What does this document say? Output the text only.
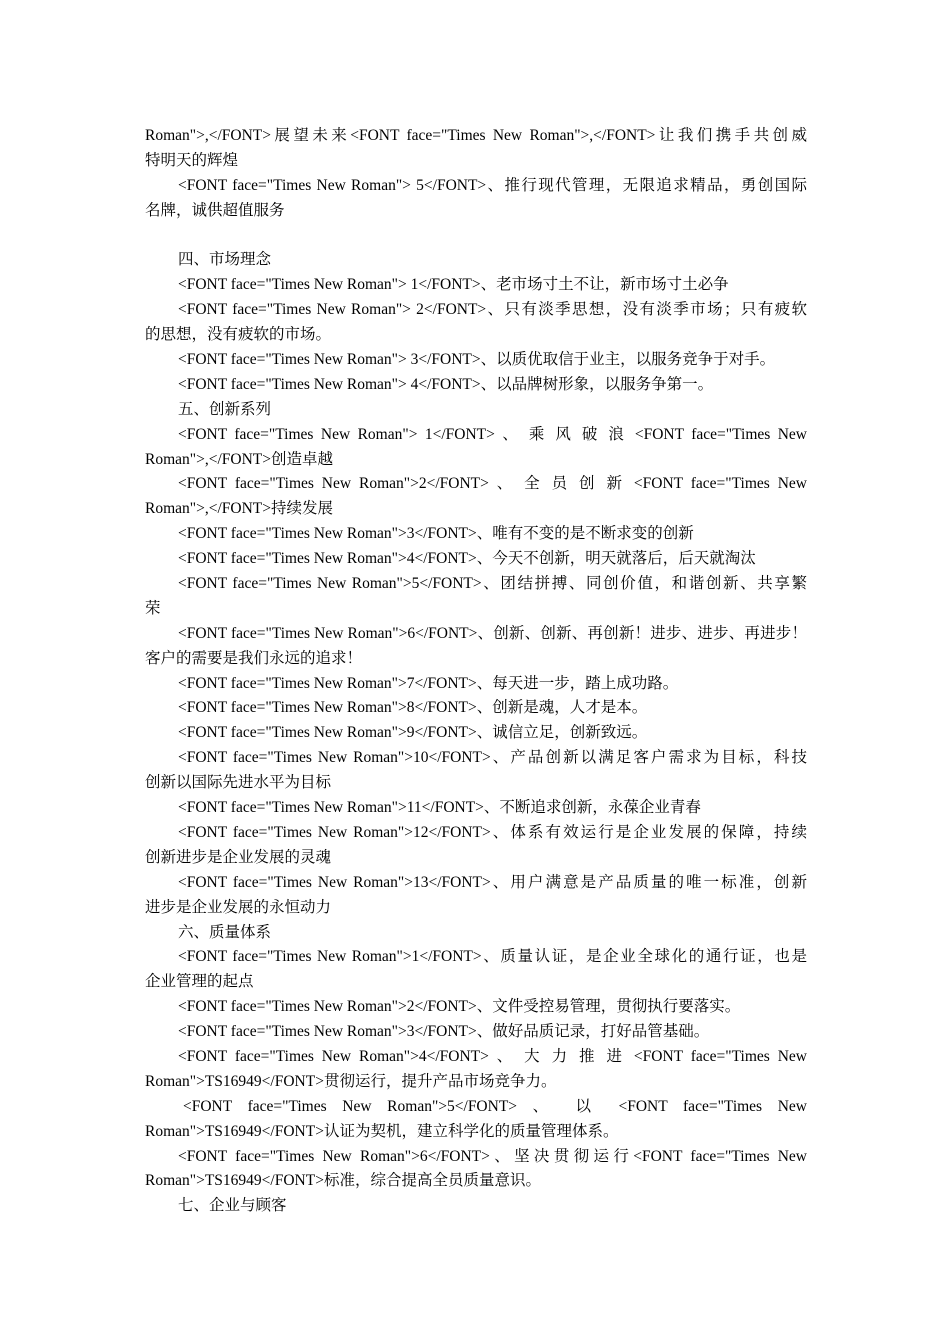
Roman">,</FONT>展望未来<FONT face="Times New Roman">,</FONT>让我们携手共创威
特明天的辉煌
<FONT face="Times New Roman"> 5</FONT>、推行现代管理，无限追求精品，勇创国际
名牌，诚供超值服务
四、市场理念
<FONT face="Times New Roman"> 1</FONT>、老市场寸土不让，新市场寸土必争
<FONT face="Times New Roman"> 2</FONT>、只有淡季思想，没有淡季市场；只有疲软
的思想，没有疲软的市场。
<FONT face="Times New Roman"> 3</FONT>、以质优取信于业主，以服务竞争于对手。
<FONT face="Times New Roman"> 4</FONT>、以品牌树形象，以服务争第一。
五、创新系列
<FONT face="Times New Roman"> 1</FONT> 、 乘 风 破 浪 <FONT face="Times New
Roman">,</FONT>创造卓越
<FONT face="Times New Roman">2</FONT> 、 全 员 创 新 <FONT face="Times New
Roman">,</FONT>持续发展
<FONT face="Times New Roman">3</FONT>、唯有不变的是不断求变的创新
<FONT face="Times New Roman">4</FONT>、今天不创新，明天就落后，后天就淘汰
<FONT face="Times New Roman">5</FONT>、团结拼搏、同创价值，和谐创新、共享繁
荣
<FONT face="Times New Roman">6</FONT>、创新、创新、再创新！进步、进步、再进步！
客户的需要是我们永远的追求！
<FONT face="Times New Roman">7</FONT>、每天进一步，踏上成功路。
<FONT face="Times New Roman">8</FONT>、创新是魂，人才是本。
<FONT face="Times New Roman">9</FONT>、诚信立足，创新致远。
<FONT face="Times New Roman">10</FONT>、产品创新以满足客户需求为目标，科技
创新以国际先进水平为目标
<FONT face="Times New Roman">11</FONT>、不断追求创新，永葆企业青春
<FONT face="Times New Roman">12</FONT>、体系有效运行是企业发展的保障，持续
创新进步是企业发展的灵魂
<FONT face="Times New Roman">13</FONT>、用户满意是产品质量的唯一标准，创新
进步是企业发展的永恒动力
六、质量体系
<FONT face="Times New Roman">1</FONT>、质量认证，是企业全球化的通行证，也是
企业管理的起点
<FONT face="Times New Roman">2</FONT>、文件受控易管理，贯彻执行要落实。
<FONT face="Times New Roman">3</FONT>、做好品质记录，打好品管基础。
<FONT face="Times New Roman">4</FONT> 、 大 力 推 进 <FONT face="Times New
Roman">TS16949</FONT>贯彻运行，提升产品市场竞争力。
<FONT face="Times New Roman">5</FONT> 、 以 <FONT face="Times New
Roman">TS16949</FONT>认证为契机，建立科学化的质量管理体系。
<FONT face="Times New Roman">6</FONT>、坚决贯彻运行<FONT face="Times New
Roman">TS16949</FONT>标准，综合提高全员质量意识。
七、企业与顾客
